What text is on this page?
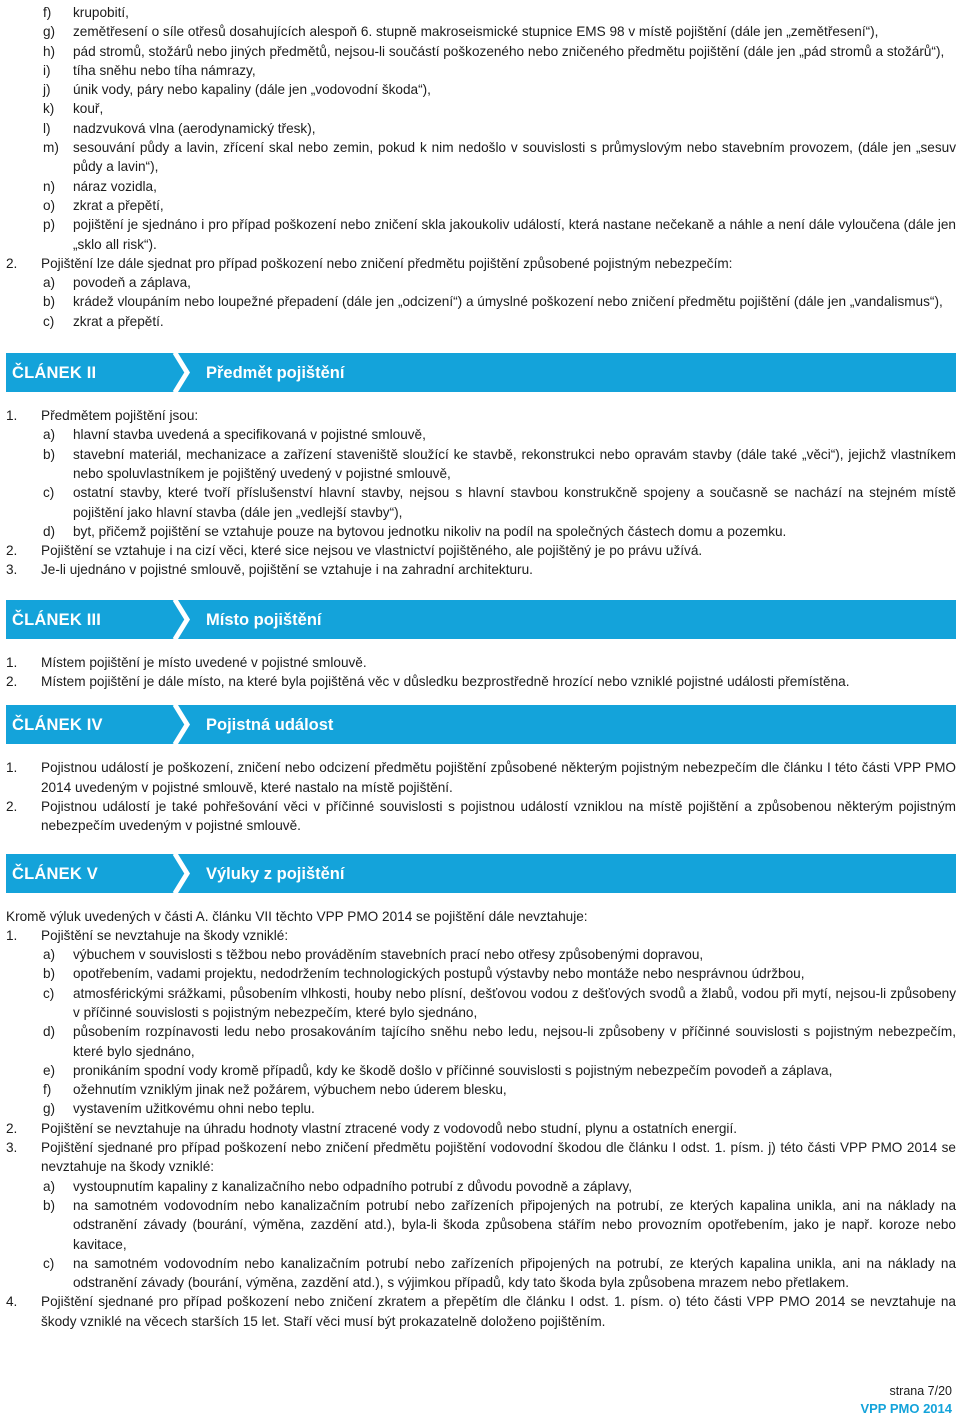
f)	krupobití,
g)	zemětřesení o síle otřesů dosahujících alespoň 6. stupně makroseismické stupnice EMS 98 v místě pojištění (dále jen „zemětřesení“),
h)	pád stromů, stožárů nebo jiných předmětů, nejsou-li součástí poškozeného nebo zničeného předmětu pojištění (dále jen „pád stromů a stožárů“),
i)	tíha sněhu nebo tíha námrazy,
j)	únik vody, páry nebo kapaliny (dále jen „vodovodní škoda“),
k)	kouř,
l)	nadzvuková vlna (aerodynamický třesk),
m)	sesouvání půdy a lavin, zřícení skal nebo zemin, pokud k nim nedošlo v souvislosti s průmyslovým nebo stavebním provozem, (dále jen „sesuv půdy a lavin“),
n)	náraz vozidla,
o)	zkrat a přepětí,
p)	pojištění je sjednáno i pro případ poškození nebo zničení skla jakoukoliv událostí, která nastane nečekaně a náhle a není dále vyloučena (dále jen „sklo all risk“).
2.	Pojištění lze dále sjednat pro případ poškození nebo zničení předmětu pojištění způsobené pojistným nebezpečím:
a)	povodeň a záplava,
b)	krádež vloupáním nebo loupežné přepadení (dále jen „odcizení“) a úmyslné poškození nebo zničení předmětu pojištění (dále jen „vandalismus“),
c)	zkrat a přepětí.
ČLÁNEK II	Předmět pojištění
1.	Předmětem pojištění jsou:
a)	hlavní stavba uvedená a specifikovaná v pojistné smlouvě,
b)	stavební materiál, mechanizace a zařízení staveniště sloužící ke stavbě, rekonstrukci nebo opravám stavby (dále také „věci“), jejichž vlastníkem nebo spoluvlastníkem je pojištěný uvedený v pojistné smlouvě,
c)	ostatní stavby, které tvoří příslušenství hlavní stavby, nejsou s hlavní stavbou konstrukčně spojeny a současně se nachází na stejném místě pojištění jako hlavní stavba (dále jen „vedlejší stavby“),
d)	byt, přičemž pojištění se vztahuje pouze na bytovou jednotku nikoliv na podíl na společných částech domu a pozemku.
2.	Pojištění se vztahuje i na cizí věci, které sice nejsou ve vlastnictví pojištěného, ale pojištěný je po právu užívá.
3.	Je-li ujednáno v pojistné smlouvě, pojištění se vztahuje i na zahradní architekturu.
ČLÁNEK III	Místo pojištění
1.	Místem pojištění je místo uvedené v pojistné smlouvě.
2.	Místem pojištění je dále místo, na které byla pojištěná věc v důsledku bezprostředně hrozící nebo vzniklé pojistné události přemístěna.
ČLÁNEK IV	Pojistná událost
1.	Pojistnou událostí je poškození, zničení nebo odcizení předmětu pojištění způsobené některým pojistným nebezpečím dle článku I této části VPP PMO 2014 uvedeným v pojistné smlouvě, které nastalo na místě pojištění.
2.	Pojistnou událostí je také pohřešování věci v příčinné souvislosti s pojistnou událostí vzniklou na místě pojištění a způsobenou některým pojistným nebezpečím uvedeným v pojistné smlouvě.
ČLÁNEK V	Výluky z pojištění
Kromě výluk uvedených v části A. článku VII těchto VPP PMO 2014 se pojištění dále nevztahuje:
1.	Pojištění se nevztahuje na škody vzniklé:
a)	výbuchem v souvislosti s těžbou nebo prováděním stavebních prací nebo otřesy způsobenými dopravou,
b)	opotřebením, vadami projektu, nedodržením technologických postupů výstavby nebo montáže nebo nesprávnou údržbou,
c)	atmosférickými srážkami, působením vlhkosti, houby nebo plísní, dešťovou vodou z dešťových svodů a žlabů, vodou při mytí, nejsou-li způsobeny v příčinné souvislosti s pojistným nebezpečím, které bylo sjednáno,
d)	působením rozpínavosti ledu nebo prosakováním tajícího sněhu nebo ledu, nejsou-li způsobeny v příčinné souvislosti s pojistným nebezpečím, které bylo sjednáno,
e)	pronikáním spodní vody kromě případů, kdy ke škodě došlo v příčinné souvislosti s pojistným nebezpečím povodeň a záplava,
f)	ožehnutím vzniklým jinak než požárem, výbuchem nebo úderem blesku,
g)	vystavením užitkovému ohni nebo teplu.
2.	Pojištění se nevztahuje na úhradu hodnoty vlastní ztracené vody z vodovodů nebo studní, plynu a ostatních energií.
3.	Pojištění sjednané pro případ poškození nebo zničení předmětu pojištění vodovodní škodou dle článku I odst. 1. písm. j) této části VPP PMO 2014 se nevztahuje na škody vzniklé:
a)	vystoupnutím kapaliny z kanalizačního nebo odpadního potrubí z důvodu povodně a záplavy,
b)	na samotném vodovodním nebo kanalizačním potrubí nebo zařízeních připojených na potrubí, ze kterých kapalina unikla, ani na náklady na odstranění závady (bourání, výměna, zazdění atd.), byla-li škoda způsobena stářím nebo provozním opotřebením, jako je např. koroze nebo kavitace,
c)	na samotném vodovodním nebo kanalizačním potrubí nebo zařízeních připojených na potrubí, ze kterých kapalina unikla, ani na náklady na odstranění závady (bourání, výměna, zazdění atd.), s výjimkou případů, kdy tato škoda byla způsobena mrazem nebo přetlakem.
4.	Pojištění sjednané pro případ poškození nebo zničení zkratem a přepětím dle článku I odst. 1. písm. o) této části VPP PMO 2014 se nevztahuje na škody vzniklé na věcech starších 15 let. Staří věci musí být prokazatelně doloženo pojištěním.
strana 7/20
VPP PMO 2014
